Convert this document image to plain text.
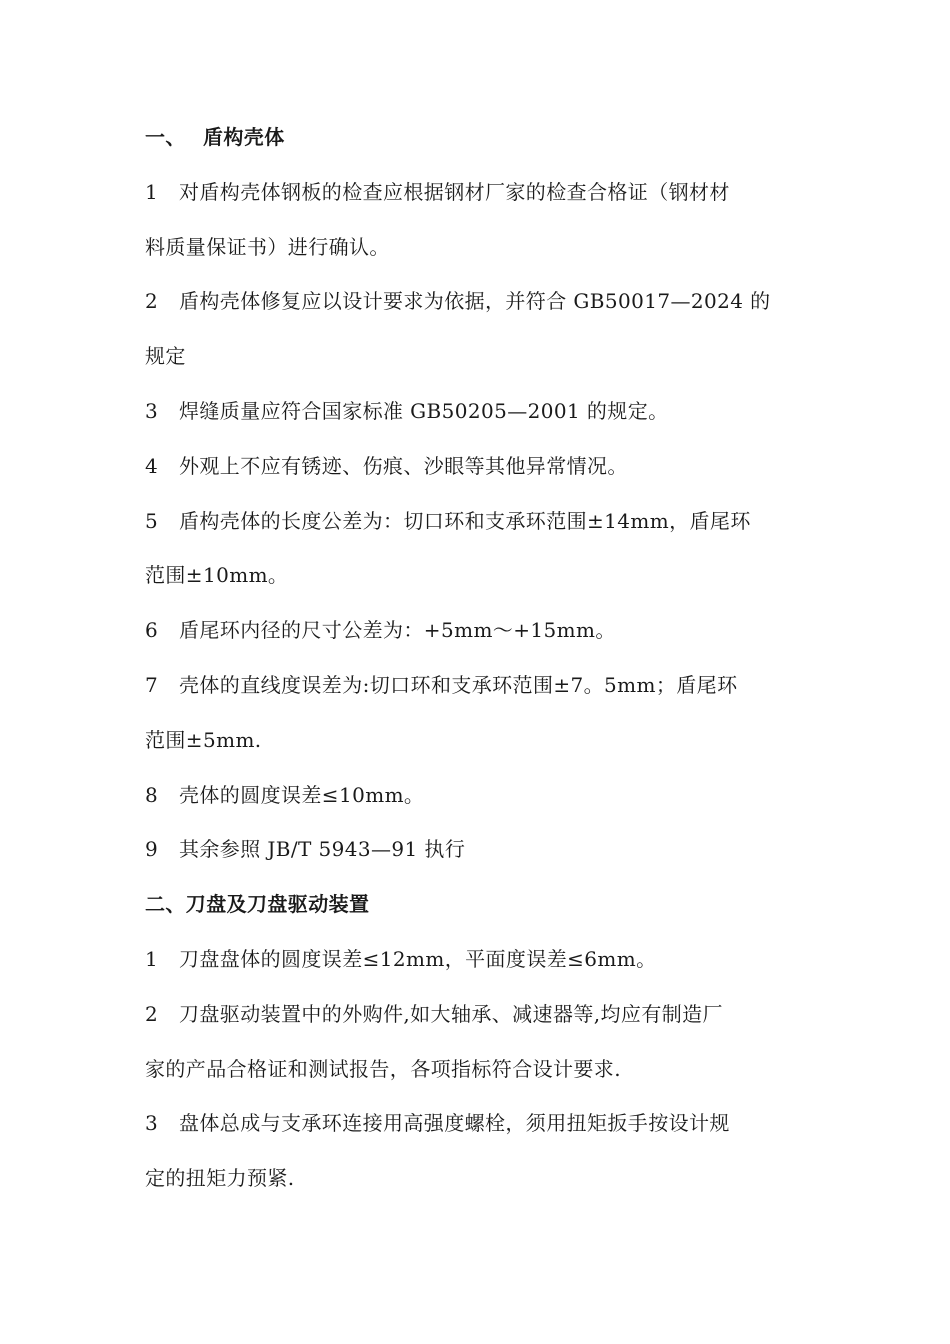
一、 盾构壳体
1 对盾构壳体钢板的检查应根据钢材厂家的检查合格证（钢材材
料质量保证书）进行确认。
2 盾构壳体修复应以设计要求为依据，并符合 GB50017—2024 的
规定
3 焊缝质量应符合国家标准 GB50205—2001 的规定。
4 外观上不应有锈迹、伤痕、沙眼等其他异常情况。
5 盾构壳体的长度公差为：切口环和支承环范围±14mm，盾尾环
范围±10mm。
6 盾尾环内径的尺寸公差为：+5mm～+15mm。
7 壳体的直线度误差为:切口环和支承环范围±7。5mm；盾尾环
范围±5mm.
8 壳体的圆度误差≤10mm。
9 其余参照 JB/T 5943—91 执行
二、刀盘及刀盘驱动装置
1 刀盘盘体的圆度误差≤12mm，平面度误差≤6mm。
2 刀盘驱动装置中的外购件,如大轴承、减速器等,均应有制造厂
家的产品合格证和测试报告，各项指标符合设计要求.
3 盘体总成与支承环连接用高强度螺栓，须用扭矩扳手按设计规
定的扭矩力预紧.
